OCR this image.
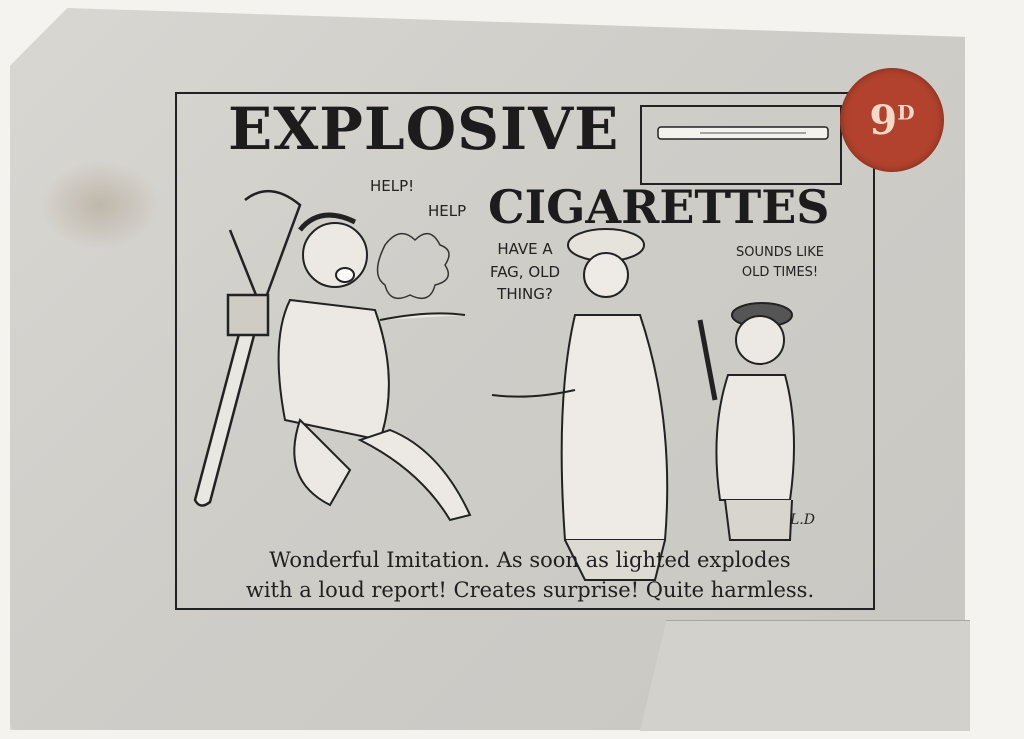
EXPLOSIVE
CIGARETTES
HELP!
HELP
HAVE A
FAG, OLD
THING?
SOUNDS LIKE
OLD TIMES!
L.D
Wonderful Imitation. As soon as lighted explodes
with a loud report! Creates surprise! Quite harmless.
$9^D$
